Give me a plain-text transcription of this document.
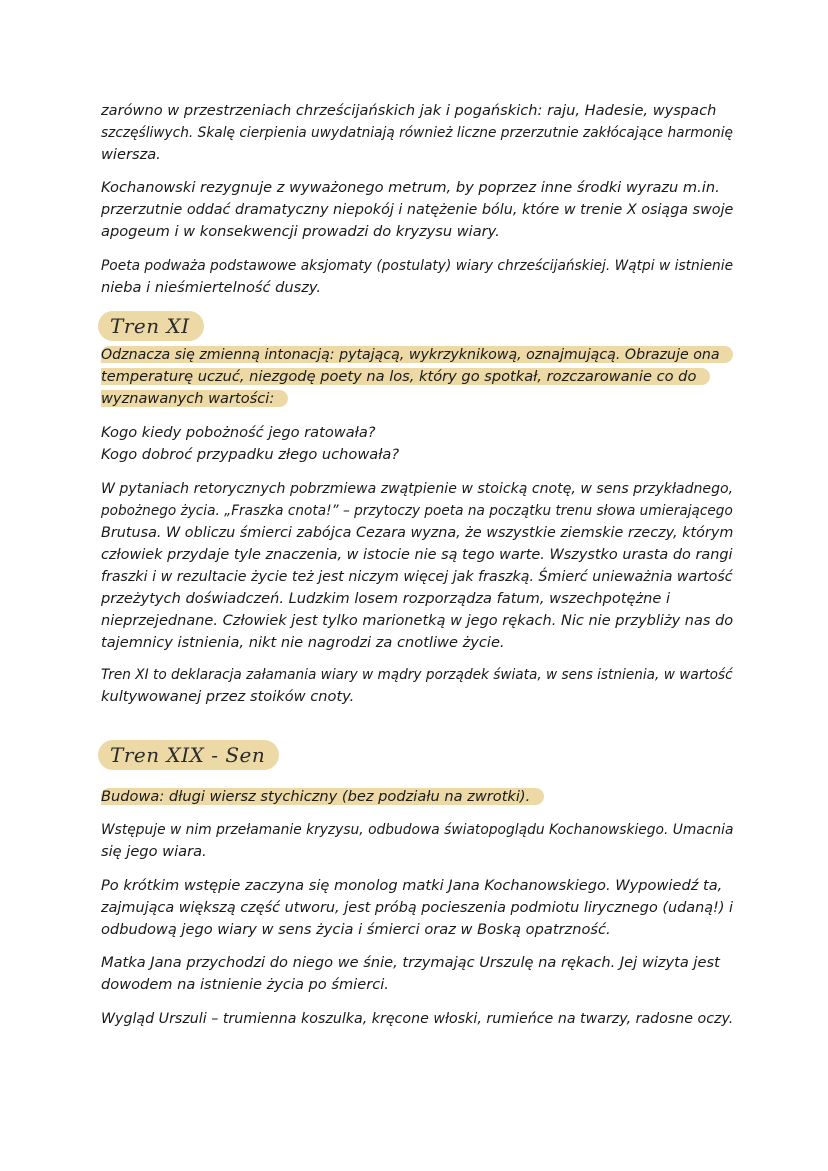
zarówno w przestrzeniach chrześcijańskich jak i pogańskich: raju, Hadesie, wyspach
szczęśliwych. Skalę cierpienia uwydatniają również liczne przerzutnie zakłócające harmonię
wiersza.
Kochanowski rezygnuje z wyważonego metrum, by poprzez inne środki wyrazu m.in.
przerzutnie oddać dramatyczny niepokój i natężenie bólu, które w trenie X osiąga swoje
apogeum i w konsekwencji prowadzi do kryzysu wiary.
Poeta podważa podstawowe aksjomaty (postulaty) wiary chrześcijańskiej. Wątpi w istnienie
nieba i nieśmiertelność duszy.
Tren XI
Odznacza się zmienną intonacją: pytającą, wykrzyknikową, oznajmującą. Obrazuje ona
temperaturę uczuć, niezgodę poety na los, który go spotkał, rozczarowanie co do
wyznawanych wartości:
Kogo kiedy pobożność jego ratowała?
Kogo dobroć przypadku złego uchowała?
W pytaniach retorycznych pobrzmiewa zwątpienie w stoicką cnotę, w sens przykładnego,
pobożnego życia. „Fraszka cnota!” – przytoczy poeta na początku trenu słowa umierającego
Brutusa. W obliczu śmierci zabójca Cezara wyzna, że wszystkie ziemskie rzeczy, którym
człowiek przydaje tyle znaczenia, w istocie nie są tego warte. Wszystko urasta do rangi
fraszki i w rezultacie życie też jest niczym więcej jak fraszką. Śmierć unieważnia wartość
przeżytych doświadczeń. Ludzkim losem rozporządza fatum, wszechpotężne i
nieprzejednane. Człowiek jest tylko marionetką w jego rękach. Nic nie przybliży nas do
tajemnicy istnienia, nikt nie nagrodzi za cnotliwe życie.
Tren XI to deklaracja załamania wiary w mądry porządek świata, w sens istnienia, w wartość
kultywowanej przez stoików cnoty.
Tren XIX - Sen
Budowa: długi wiersz stychiczny (bez podziału na zwrotki).
Wstępuje w nim przełamanie kryzysu, odbudowa światopoglądu Kochanowskiego. Umacnia
się jego wiara.
Po krótkim wstępie zaczyna się monolog matki Jana Kochanowskiego. Wypowiedź ta,
zajmująca większą część utworu, jest próbą pocieszenia podmiotu lirycznego (udaną!) i
odbudową jego wiary w sens życia i śmierci oraz w Boską opatrzność.
Matka Jana przychodzi do niego we śnie, trzymając Urszulę na rękach. Jej wizyta jest
dowodem na istnienie życia po śmierci.
Wygląd Urszuli – trumienna koszulka, kręcone włoski, rumieńce na twarzy, radosne oczy.
